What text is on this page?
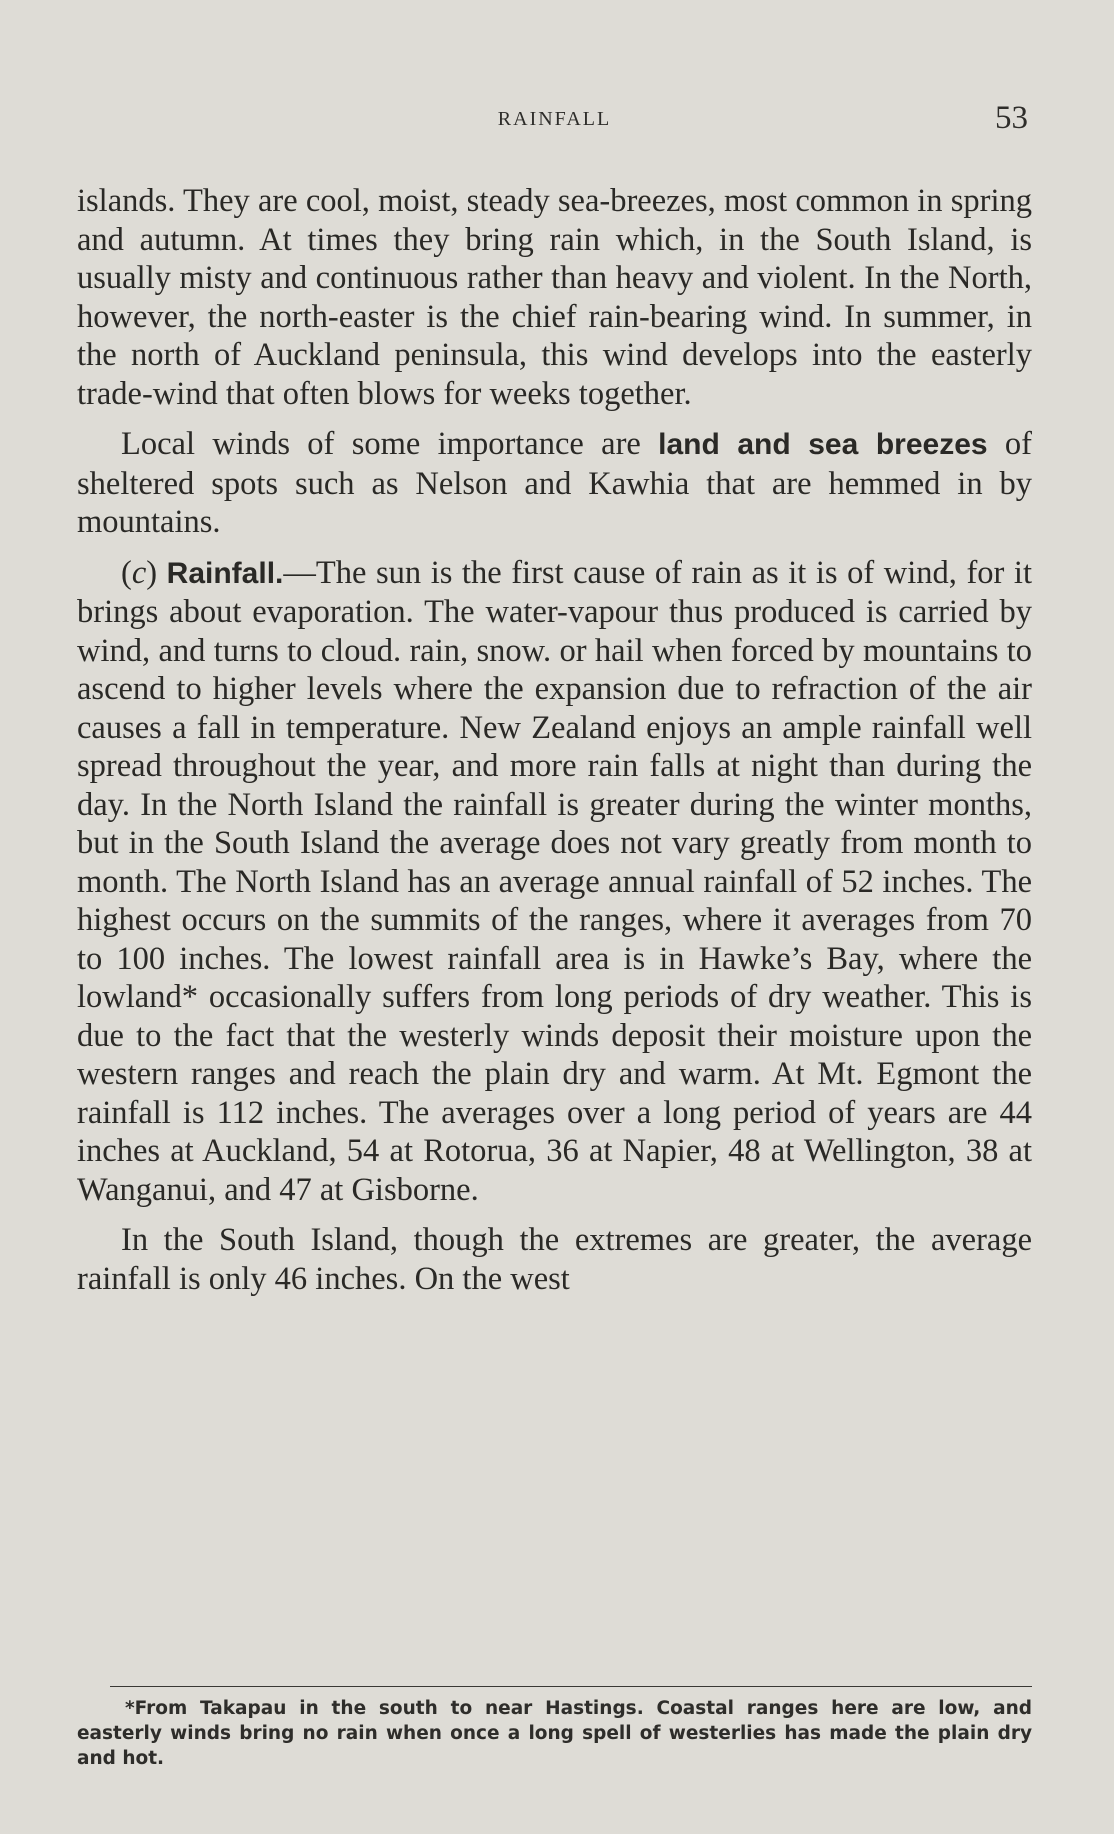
RAINFALL	53

islands. They are cool, moist, steady sea-breezes, most common in spring and autumn. At times they bring rain which, in the South Island, is usually misty and continuous rather than heavy and violent. In the North, however, the north-easter is the chief rain-bearing wind. In summer, in the north of Auckland peninsula, this wind develops into the easterly trade-wind that often blows for weeks together.

Local winds of some importance are land and sea breezes of sheltered spots such as Nelson and Kawhia that are hemmed in by mountains.

(c) Rainfall.—The sun is the first cause of rain as it is of wind, for it brings about evaporation. The water-vapour thus produced is carried by wind, and turns to cloud. rain, snow. or hail when forced by mountains to ascend to higher levels where the expansion due to refraction of the air causes a fall in temperature. New Zealand enjoys an ample rainfall well spread throughout the year, and more rain falls at night than during the day. In the North Island the rainfall is greater during the winter months, but in the South Island the average does not vary greatly from month to month. The North Island has an average annual rainfall of 52 inches. The highest occurs on the summits of the ranges, where it averages from 70 to 100 inches. The lowest rainfall area is in Hawke’s Bay, where the lowland* occasionally suffers from long periods of dry weather. This is due to the fact that the westerly winds deposit their moisture upon the western ranges and reach the plain dry and warm. At Mt. Egmont the rainfall is 112 inches. The averages over a long period of years are 44 inches at Auckland, 54 at Rotorua, 36 at Napier, 48 at Wellington, 38 at Wanganui, and 47 at Gisborne.

In the South Island, though the extremes are greater, the average rainfall is only 46 inches. On the west

*From Takapau in the south to near Hastings. Coastal ranges here are low, and easterly winds bring no rain when once a long spell of westerlies has made the plain dry and hot.
